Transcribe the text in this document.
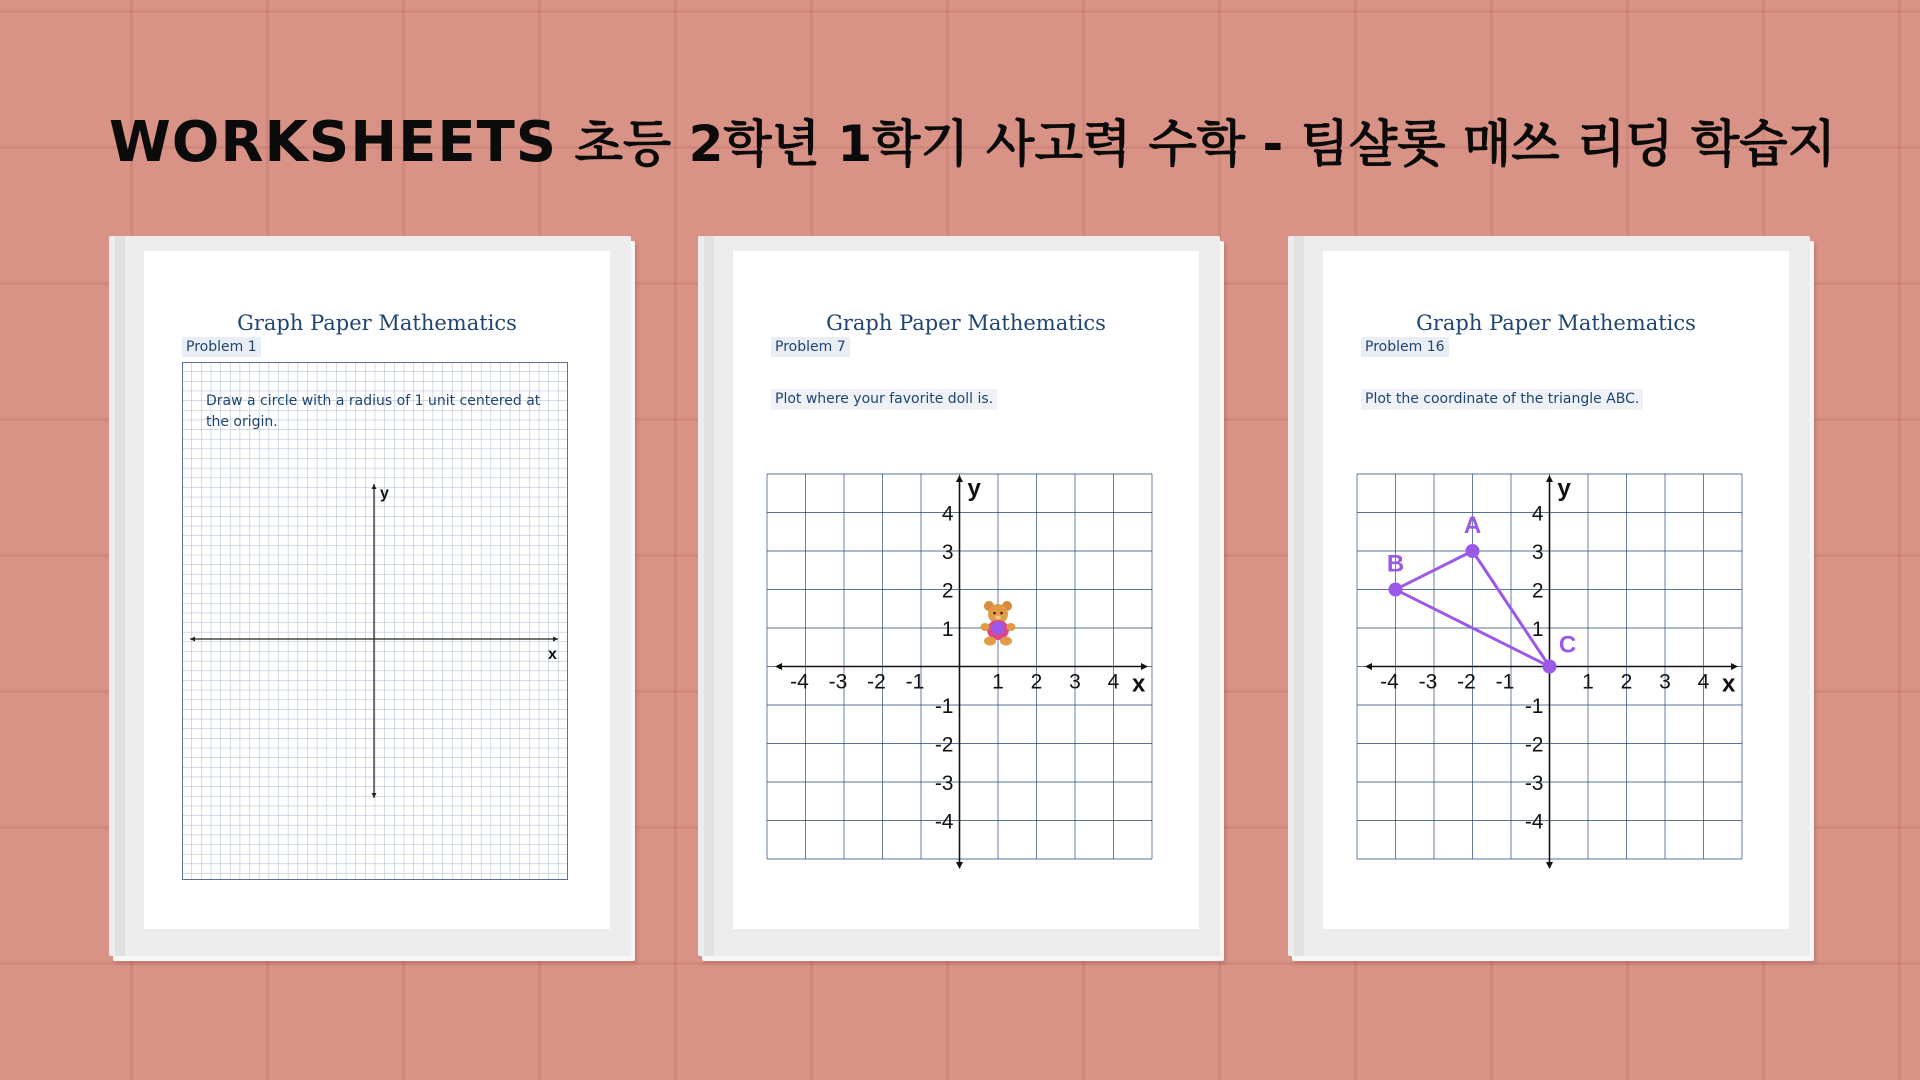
WORKSHEETS 초등 2학년 1학기 사고력 수학 - 팀샬롯 매쓰 리딩 학습지
Graph Paper Mathematics
Problem 1
y
x
Draw a circle with a radius of 1 unit centered at the origin.
Graph Paper Mathematics
Problem 7
Plot where your favorite doll is.
-4 -3 -2 -1	1 2 3 4
4
3
2
1
-1
-2
-3
-4
x
y
Graph Paper Mathematics
Problem 16
Plot the coordinate of the triangle ABC.
-4 -3 -2 -1	1 2 3 4
4
3
2
1
-1
-2
-3
-4
x
y
A
B
C
